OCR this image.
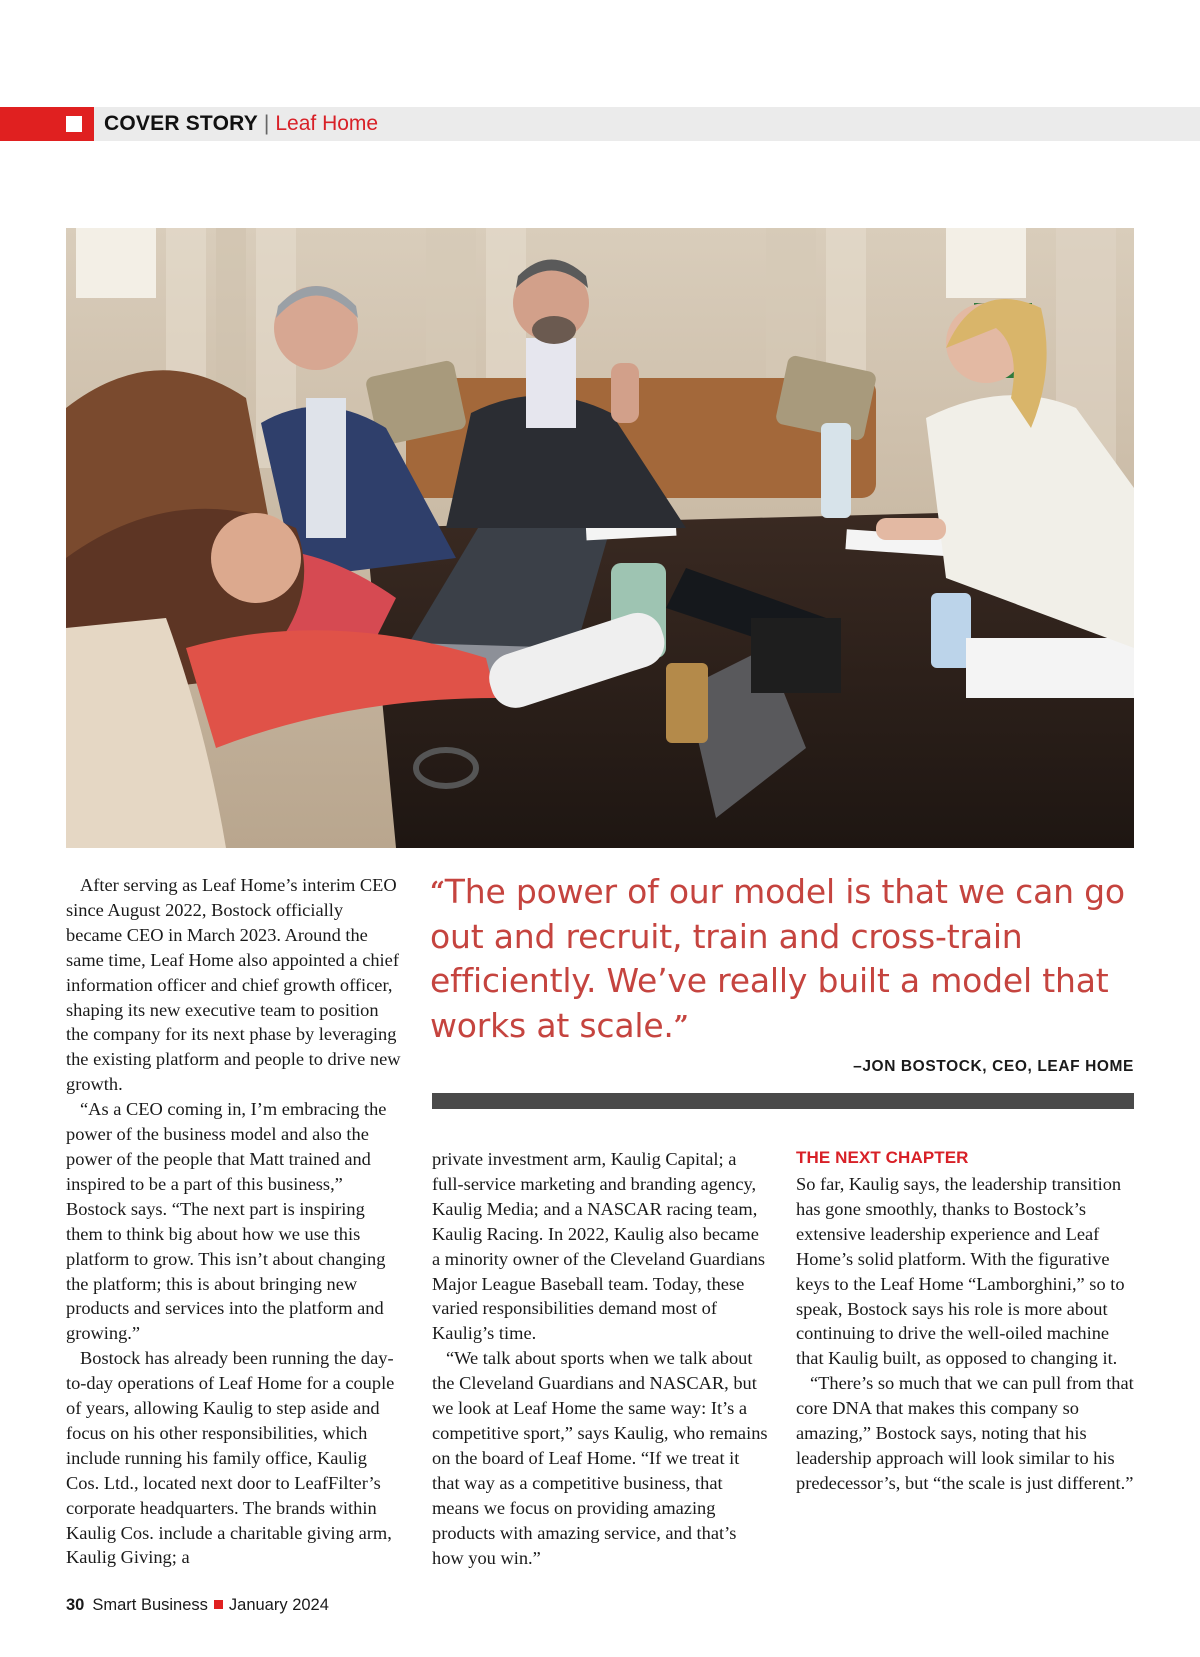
COVER STORY | Leaf Home

After serving as Leaf Home’s interim CEO since August 2022, Bostock officially became CEO in March 2023. Around the same time, Leaf Home also appointed a chief information officer and chief growth officer, shaping its new executive team to position the company for its next phase by leveraging the existing platform and people to drive new growth.

“As a CEO coming in, I’m embracing the power of the business model and also the power of the people that Matt trained and inspired to be a part of this business,” Bostock says. “The next part is inspiring them to think big about how we use this platform to grow. This isn’t about changing the platform; this is about bringing new products and services into the platform and growing.”

Bostock has already been running the day-to-day operations of Leaf Home for a couple of years, allowing Kaulig to step aside and focus on his other responsibilities, which include running his family office, Kaulig Cos. Ltd., located next door to LeafFilter’s corporate headquarters. The brands within Kaulig Cos. include a charitable giving arm, Kaulig Giving; a

“The power of our model is that we can go out and recruit, train and cross-train efficiently. We’ve really built a model that works at scale.”
–JON BOSTOCK, CEO, LEAF HOME

private investment arm, Kaulig Capital; a full-service marketing and branding agency, Kaulig Media; and a NASCAR racing team, Kaulig Racing. In 2022, Kaulig also became a minority owner of the Cleveland Guardians Major League Baseball team. Today, these varied responsibilities demand most of Kaulig’s time.

“We talk about sports when we talk about the Cleveland Guardians and NASCAR, but we look at Leaf Home the same way: It’s a competitive sport,” says Kaulig, who remains on the board of Leaf Home. “If we treat it that way as a competitive business, that means we focus on providing amazing products with amazing service, and that’s how you win.”

THE NEXT CHAPTER

So far, Kaulig says, the leadership transition has gone smoothly, thanks to Bostock’s extensive leadership experience and Leaf Home’s solid platform. With the figurative keys to the Leaf Home “Lamborghini,” so to speak, Bostock says his role is more about continuing to drive the well-oiled machine that Kaulig built, as opposed to changing it.

“There’s so much that we can pull from that core DNA that makes this company so amazing,” Bostock says, noting that his leadership approach will look similar to his predecessor’s, but “the scale is just different.”

30 Smart Business January 2024
